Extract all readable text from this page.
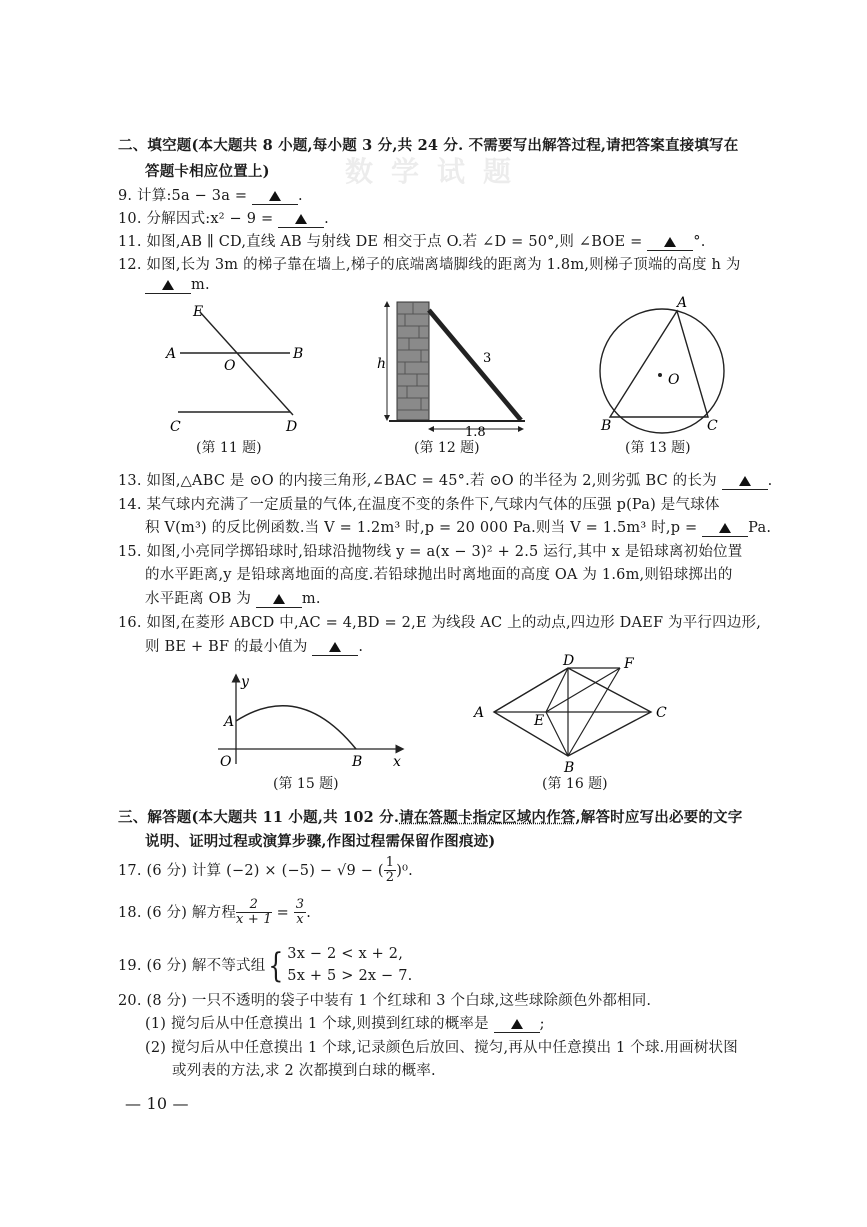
数学试题
二、填空题(本大题共 8 小题,每小题 3 分,共 24 分. 不需要写出解答过程,请把答案直接填写在
答题卡相应位置上)
9. 计算:5a − 3a =	.
10. 分解因式:x² − 9 =	.
11. 如图,AB ∥ CD,直线 AB 与射线 DE 相交于点 O.若 ∠D = 50°,则 ∠BOE =	°.
12. 如图,长为 3m 的梯子靠在墙上,梯子的底端离墙脚线的距离为 1.8m,则梯子顶端的高度 h 为
m.
E
A
O
B
C	D
(第 11 题)
h	3
1.8
(第 12 题)
A
O
B	C
(第 13 题)
13. 如图,△ABC 是 ⊙O 的内接三角形,∠BAC = 45°.若 ⊙O 的半径为 2,则劣弧 BC 的长为	.
14. 某气球内充满了一定质量的气体,在温度不变的条件下,气球内气体的压强 p(Pa) 是气球体
积 V(m³) 的反比例函数.当 V = 1.2m³ 时,p = 20 000 Pa.则当 V = 1.5m³ 时,p =	Pa.
15. 如图,小亮同学掷铅球时,铅球沿抛物线 y = a(x − 3)² + 2.5 运行,其中 x 是铅球离初始位置
的水平距离,y 是铅球离地面的高度.若铅球抛出时离地面的高度 OA 为 1.6m,则铅球掷出的
水平距离 OB 为	m.
16. 如图,在菱形 ABCD 中,AC = 4,BD = 2,E 为线段 AC 上的动点,四边形 DAEF 为平行四边形,
则 BE + BF 的最小值为	.
y
A
O	B x
(第 15 题)
D	F
A	E	C
B
(第 16 题)
三、解答题(本大题共 11 小题,共 102 分.请在答题卡指定区域内作答,解答时应写出必要的文字
说明、证明过程或演算步骤,作图过程需保留作图痕迹)
17. (6 分) 计算 (−2) × (−5) − √9 − ( $\frac{1}{2} )^0$.
18. (6 分) 解方程 $\frac{2}{x + 1} = \frac{3}{x}$ .
19. (6 分) 解不等式组{ 3x − 2 < x + 2,
5x + 5 > 2x − 7.
20. (8 分) 一只不透明的袋子中装有 1 个红球和 3 个白球,这些球除颜色外都相同.
(1) 搅匀后从中任意摸出 1 个球,则摸到红球的概率是	;
(2) 搅匀后从中任意摸出 1 个球,记录颜色后放回、搅匀,再从中任意摸出 1 个球.用画树状图
或列表的方法,求 2 次都摸到白球的概率.
— 10 —
